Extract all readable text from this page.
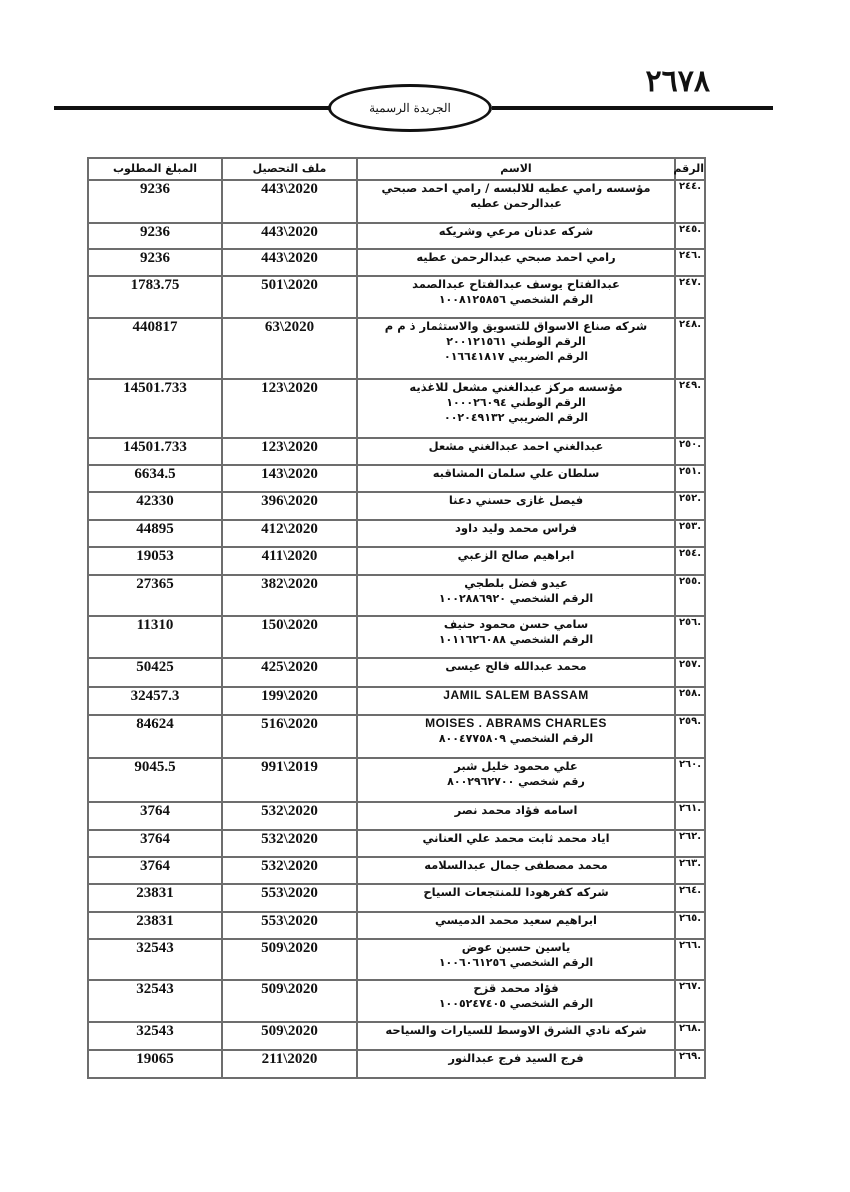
٢٦٧٨
الجريدة الرسمية
الرقم	الاسم	ملف التحصيل	المبلغ المطلوب
.٢٤٤	مؤسسه رامي عطيه للالبسه / رامي احمد صبحي
عبدالرحمن عطيه	443\2020	9236
.٢٤٥	شركه عدنان مرعي وشريكه	443\2020	9236
.٢٤٦	رامي احمد صبحي عبدالرحمن عطيه	443\2020	9236
.٢٤٧	عبدالفتاح يوسف عبدالفتاح عبدالصمد
الرقم الشخصي ١٠٠٨١٢٥٨٥٦	501\2020	1783.75
.٢٤٨	شركه صناع الاسواق للتسويق والاستثمار ذ م م
الرقم الوطني ٢٠٠١٢١٥٦١
الرقم الضريبي ٠١٦٦٤١٨١٧	63\2020	440817
.٢٤٩	مؤسسه مركز عبدالغني مشعل للاغذيه
الرقم الوطني ١٠٠٠٢٦٠٩٤
الرقم الضريبي ٠٠٢٠٤٩١٣٢	123\2020	14501.733
.٢٥٠	عبدالغني احمد عبدالغني مشعل	123\2020	14501.733
.٢٥١	سلطان علي سلمان المشاقبه	143\2020	6634.5
.٢٥٢	فيصل غازى حسني دعنا	396\2020	42330
.٢٥٣	فراس محمد وليد داود	412\2020	44895
.٢٥٤	ابراهيم صالح الزعبي	411\2020	19053
.٢٥٥	عيدو فضل بلطجي
الرقم الشخصي ١٠٠٢٨٨٦٩٢٠	382\2020	27365
.٢٥٦	سامي حسن محمود حنيف
الرقم الشخصي ١٠١١٦٢٦٠٨٨	150\2020	11310
.٢٥٧	محمد عبدالله فالح عيسى	425\2020	50425
.٢٥٨	JAMIL SALEM BASSAM	199\2020	32457.3
.٢٥٩	MOISES . ABRAMS CHARLES
الرقم الشخصي ٨٠٠٤٧٧٥٨٠٩	516\2020	84624
.٢٦٠	علي محمود خليل شبر
رقم شخصي ٨٠٠٢٩٦٢٧٠٠	991\2019	9045.5
.٢٦١	اسامه فؤاد محمد نصر	532\2020	3764
.٢٦٢	اياد محمد ثابت محمد علي العناني	532\2020	3764
.٢٦٣	محمد مصطفى جمال عبدالسلامه	532\2020	3764
.٢٦٤	شركه كفرهودا للمنتجعات السياح	553\2020	23831
.٢٦٥	ابراهيم سعيد محمد الدميسي	553\2020	23831
.٢٦٦	ياسين حسين عوض
الرقم الشخصي ١٠٠٦٠٦١٢٥٦	509\2020	32543
.٢٦٧	فؤاد محمد قزح
الرقم الشخصي ١٠٠٥٢٤٧٤٠٥	509\2020	32543
.٢٦٨	شركه نادي الشرق الاوسط للسيارات والسياحه	509\2020	32543
.٢٦٩	فرج السيد فرج عبدالنور	211\2020	19065
